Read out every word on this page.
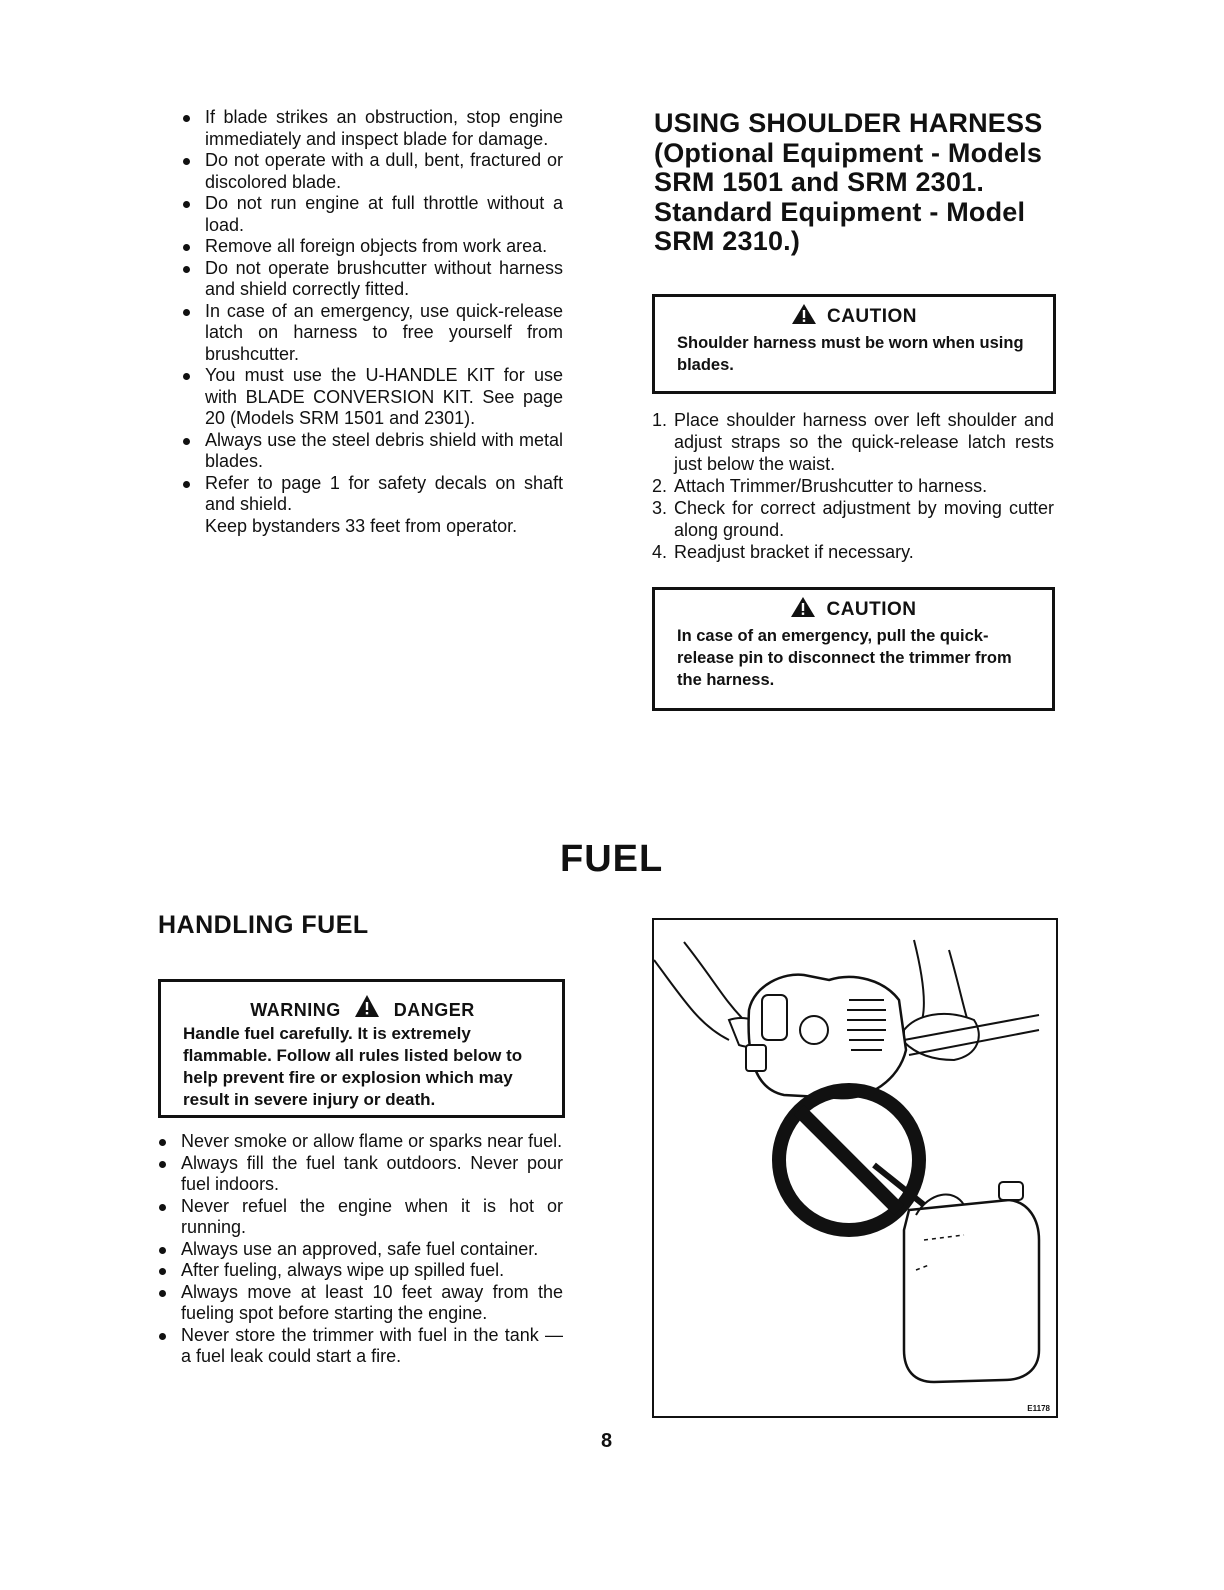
If blade strikes an obstruction, stop engine immediately and inspect blade for damage.
Do not operate with a dull, bent, fractured or discolored blade.
Do not run engine at full throttle without a load.
Remove all foreign objects from work area.
Do not operate brushcutter without harness and shield correctly fitted.
In case of an emergency, use quick-release latch on harness to free yourself from brushcutter.
You must use the U-HANDLE KIT for use with BLADE CONVERSION KIT. See page 20 (Models SRM 1501 and 2301).
Always use the steel debris shield with metal blades.
Refer to page 1 for safety decals on shaft and shield.
Keep bystanders 33 feet from operator.
USING SHOULDER HARNESS (Optional Equipment - Models SRM 1501 and SRM 2301. Standard Equipment - Model SRM 2310.)
CAUTION
Shoulder harness must be worn when using blades.
1. Place shoulder harness over left shoulder and adjust straps so the quick-release latch rests just below the waist.
2. Attach Trimmer/Brushcutter to harness.
3. Check for correct adjustment by moving cutter along ground.
4. Readjust bracket if necessary.
CAUTION
In case of an emergency, pull the quick-release pin to disconnect the trimmer from the harness.
FUEL
HANDLING FUEL
WARNING	DANGER
Handle fuel carefully. It is extremely flammable. Follow all rules listed below to help prevent fire or explosion which may result in severe injury or death.
Never smoke or allow flame or sparks near fuel.
Always fill the fuel tank outdoors. Never pour fuel indoors.
Never refuel the engine when it is hot or running.
Always use an approved, safe fuel container.
After fueling, always wipe up spilled fuel.
Always move at least 10 feet away from the fueling spot before starting the engine.
Never store the trimmer with fuel in the tank — a fuel leak could start a fire.
E1178
8
